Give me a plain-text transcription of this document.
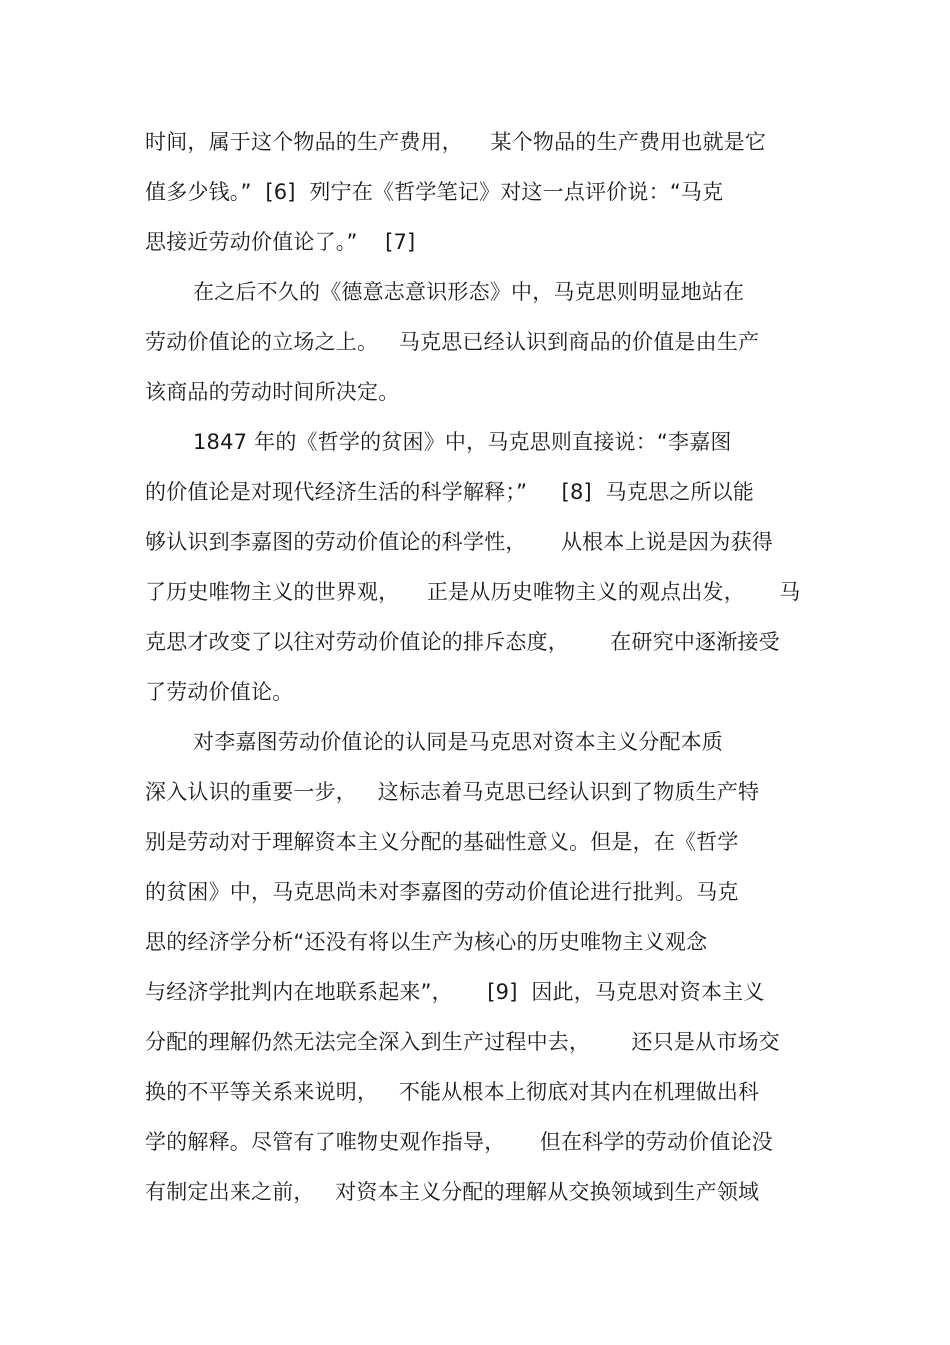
时间，属于这个物品的生产费用，    某个物品的生产费用也就是它
值多少钱。”  [6]  列宁在《哲学笔记》对这一点评价说：“马克
思接近劳动价值论了。”    [7]
在之后不久的《德意志意识形态》中，马克思则明显地站在
劳动价值论的立场之上。   马克思已经认识到商品的价值是由生产
该商品的劳动时间所决定。
1847 年的《哲学的贫困》中，马克思则直接说：“李嘉图
的价值论是对现代经济生活的科学解释；”     [8]  马克思之所以能
够认识到李嘉图的劳动价值论的科学性，     从根本上说是因为获得
了历史唯物主义的世界观，    正是从历史唯物主义的观点出发，     马
克思才改变了以往对劳动价值论的排斥态度，      在研究中逐渐接受
了劳动价值论。
对李嘉图劳动价值论的认同是马克思对资本主义分配本质
深入认识的重要一步，   这标志着马克思已经认识到了物质生产特
别是劳动对于理解资本主义分配的基础性意义。但是，在《哲学
的贫困》中，马克思尚未对李嘉图的劳动价值论进行批判。马克
思的经济学分析“还没有将以生产为核心的历史唯物主义观念
与经济学批判内在地联系起来”，     [9]  因此，马克思对资本主义
分配的理解仍然无法完全深入到生产过程中去，      还只是从市场交
换的不平等关系来说明，   不能从根本上彻底对其内在机理做出科
学的解释。尽管有了唯物史观作指导，     但在科学的劳动价值论没
有制定出来之前，   对资本主义分配的理解从交换领域到生产领域
